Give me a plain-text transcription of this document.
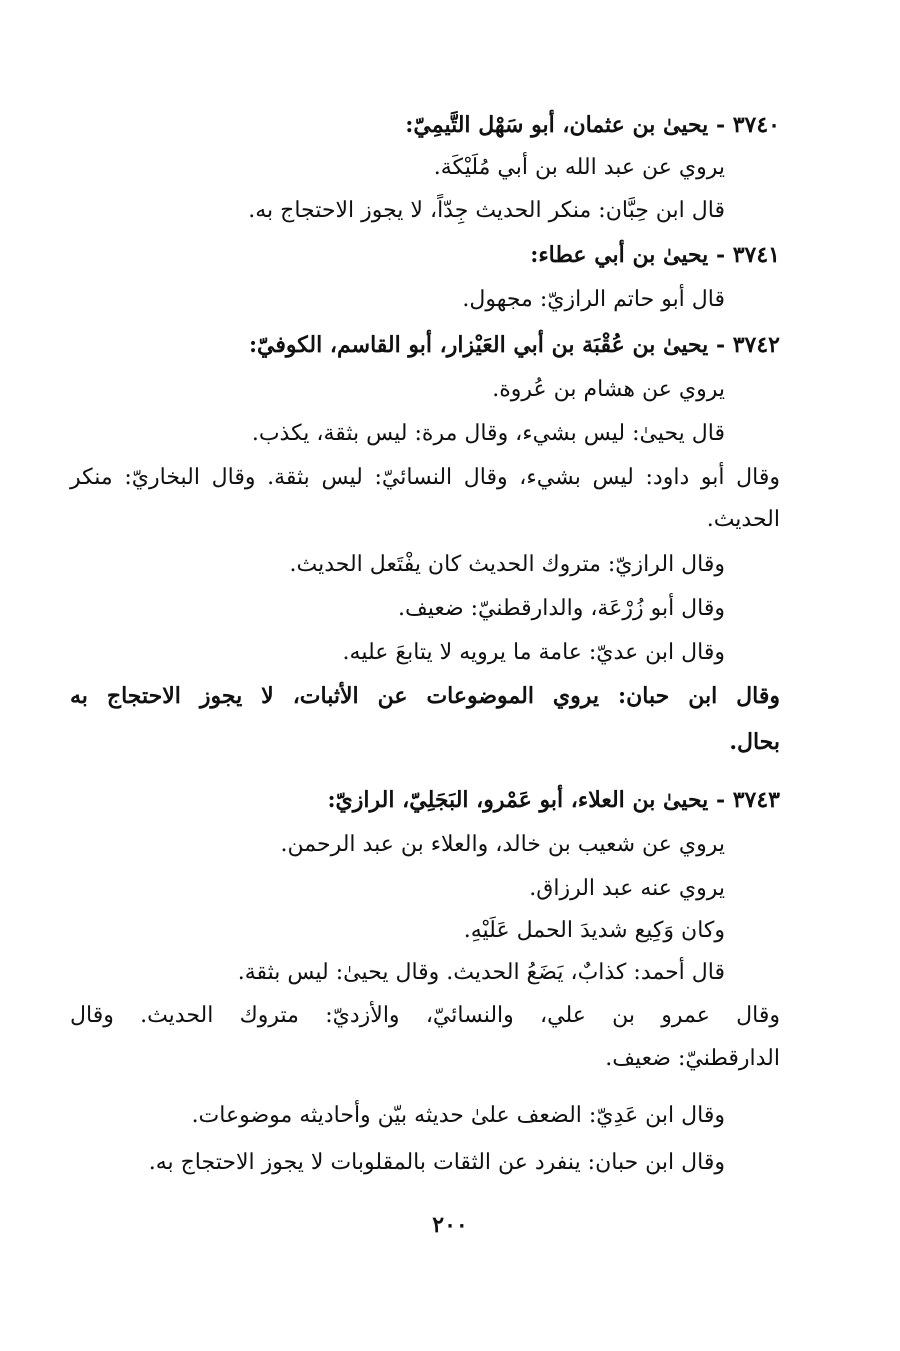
٣٧٤٠ - يحيىٰ بن عثمان، أبو سَهْل التَّيمِيّ:
يروي عن عبد الله بن أبي مُلَيْكَة.
قال ابن حِبَّان: منكر الحديث جِدّاً، لا يجوز الاحتجاج به.
٣٧٤١ - يحيىٰ بن أبي عطاء:
قال أبو حاتم الرازيّ: مجهول.
٣٧٤٢ - يحيىٰ بن عُقْبَة بن أبي العَيْزار، أبو القاسم، الكوفيّ:
يروي عن هشام بن عُروة.
قال يحيىٰ: ليس بشيء، وقال مرة: ليس بثقة، يكذب.
وقال أبو داود: ليس بشيء، وقال النسائيّ: ليس بثقة. وقال البخاريّ: منكر
الحديث.
وقال الرازيّ: متروك الحديث كان يفْتَعل الحديث.
وقال أبو زُرْعَة، والدارقطنيّ: ضعيف.
وقال ابن عديّ: عامة ما يرويه لا يتابعَ عليه.
وقال ابن حبان: يروي الموضوعات عن الأثبات، لا يجوز الاحتجاج به
بحال.
٣٧٤٣ - يحيىٰ بن العلاء، أبو عَمْرو، البَجَلِيّ، الرازيّ:
يروي عن شعيب بن خالد، والعلاء بن عبد الرحمن.
يروي عنه عبد الرزاق.
وكان وَكِيع شديدَ الحمل عَلَيْهِ.
قال أحمد: كذابٌ، يَضَعُ الحديث. وقال يحيىٰ: ليس بثقة.
وقال عمرو بن علي، والنسائيّ، والأزديّ: متروك الحديث. وقال
الدارقطنيّ: ضعيف.
وقال ابن عَدِيّ: الضعف علىٰ حديثه بيّن وأحاديثه موضوعات.
وقال ابن حبان: ينفرد عن الثقات بالمقلوبات لا يجوز الاحتجاج به.
٢٠٠
